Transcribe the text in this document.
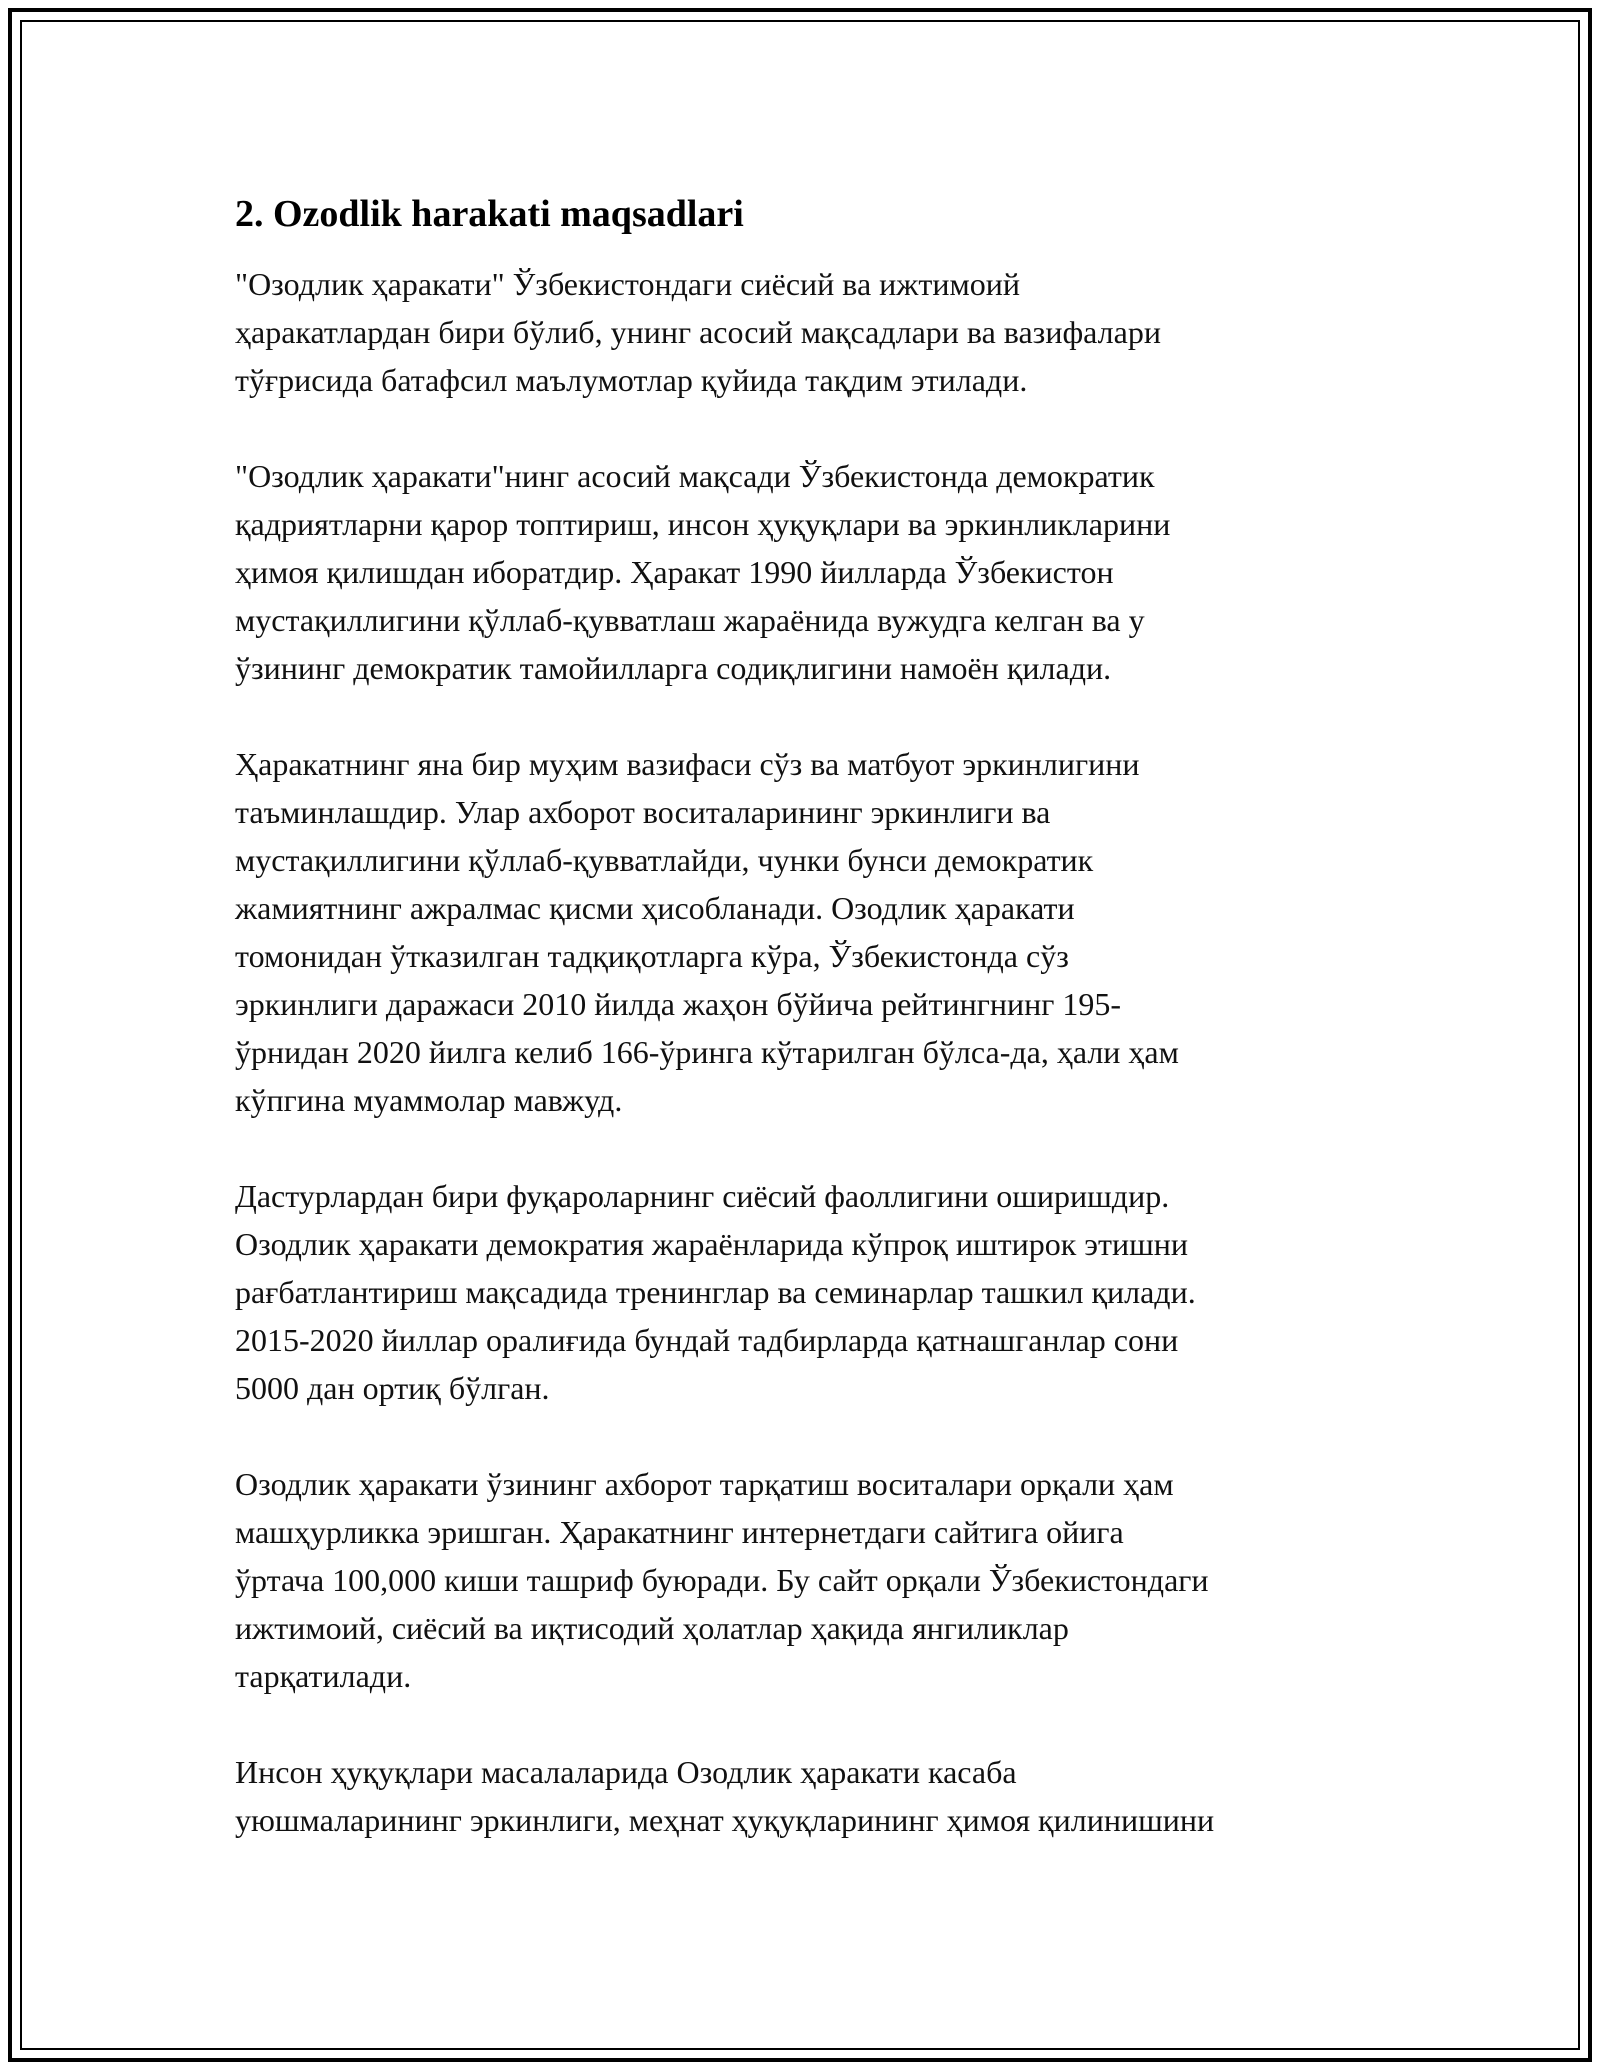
2. Ozodlik harakati maqsadlari
"Озодлик ҳаракати" Ўзбекистондаги сиёсий ва ижтимоий
ҳаракатлардан бири бўлиб, унинг асосий мақсадлари ва вазифалари
тўғрисида батафсил маълумотлар қуйида тақдим этилади.
"Озодлик ҳаракати"нинг асосий мақсади Ўзбекистонда демократик
қадриятларни қарор топтириш, инсон ҳуқуқлари ва эркинликларини
ҳимоя қилишдан иборатдир. Ҳаракат 1990 йилларда Ўзбекистон
мустақиллигини қўллаб-қувватлаш жараёнида вужудга келган ва у
ўзининг демократик тамойилларга содиқлигини намоён қилади.
Ҳаракатнинг яна бир муҳим вазифаси сўз ва матбуот эркинлигини
таъминлашдир. Улар ахборот воситаларининг эркинлиги ва
мустақиллигини қўллаб-қувватлайди, чунки бунси демократик
жамиятнинг ажралмас қисми ҳисобланади. Озодлик ҳаракати
томонидан ўтказилган тадқиқотларга кўра, Ўзбекистонда сўз
эркинлиги даражаси 2010 йилда жаҳон бўйича рейтингнинг 195-
ўрнидан 2020 йилга келиб 166-ўринга кўтарилган бўлса-да, ҳали ҳам
кўпгина муаммолар мавжуд.
Дастурлардан бири фуқароларнинг сиёсий фаоллигини оширишдир.
Озодлик ҳаракати демократия жараёнларида кўпроқ иштирок этишни
рағбатлантириш мақсадида тренинглар ва семинарлар ташкил қилади.
2015-2020 йиллар оралиғида бундай тадбирларда қатнашганлар сони
5000 дан ортиқ бўлган.
Озодлик ҳаракати ўзининг ахборот тарқатиш воситалари орқали ҳам
машҳурликка эришган. Ҳаракатнинг интернетдаги сайтига ойига
ўртача 100,000 киши ташриф буюради. Бу сайт орқали Ўзбекистондаги
ижтимоий, сиёсий ва иқтисодий ҳолатлар ҳақида янгиликлар
тарқатилади.
Инсон ҳуқуқлари масалаларида Озодлик ҳаракати касаба
уюшмаларининг эркинлиги, меҳнат ҳуқуқларининг ҳимоя қилинишини
